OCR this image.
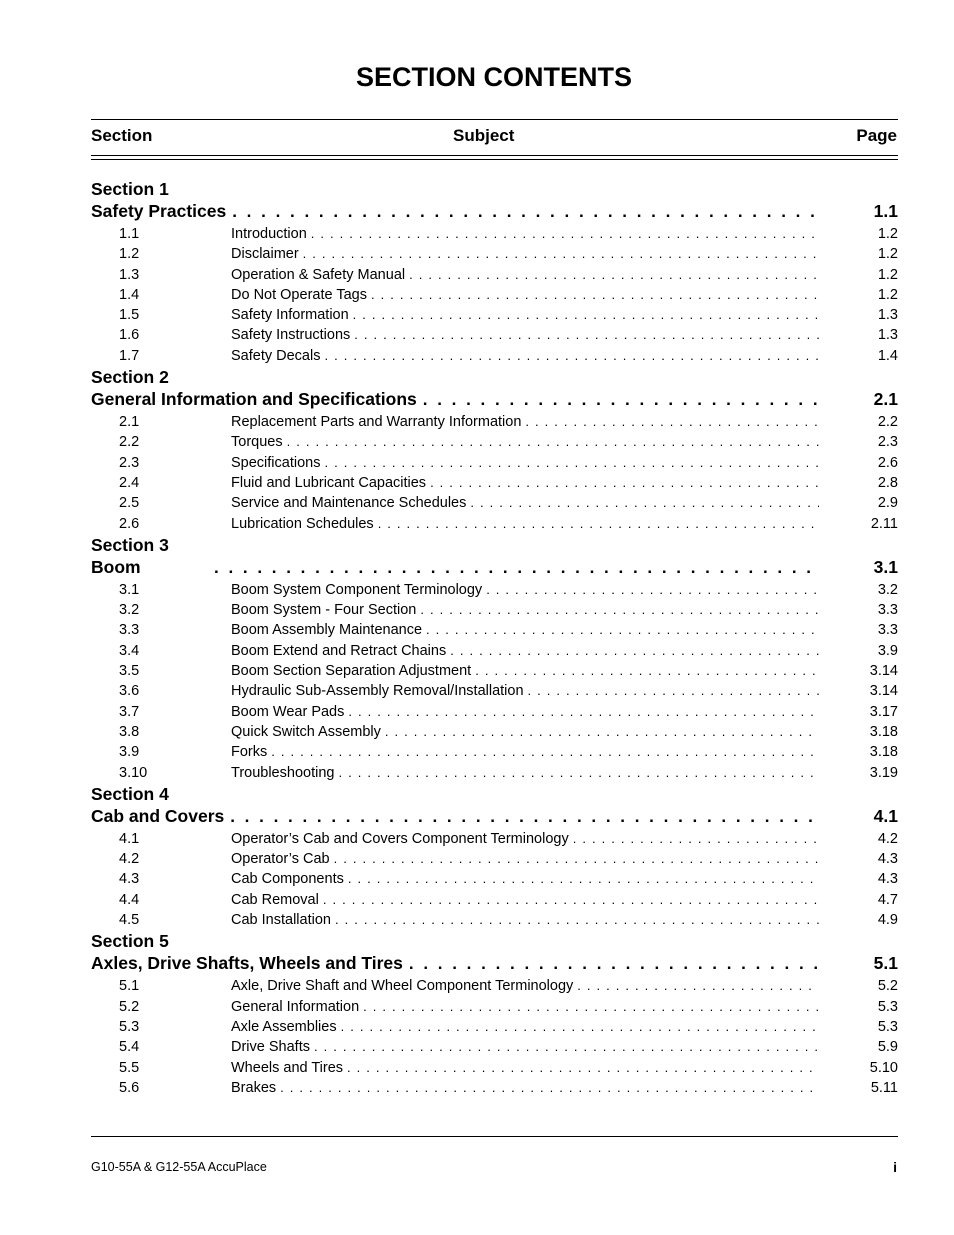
SECTION CONTENTS
Section	Subject	Page
Section 1
Safety Practices . . .	1.1
1.1	Introduction . . .	1.2
1.2	Disclaimer . . .	1.2
1.3	Operation & Safety Manual . . .	1.2
1.4	Do Not Operate Tags . . .	1.2
1.5	Safety Information . . .	1.3
1.6	Safety Instructions . . .	1.3
1.7	Safety Decals . . .	1.4
Section 2
General Information and Specifications . . .	2.1
2.1	Replacement Parts and Warranty Information . . .	2.2
2.2	Torques . . .	2.3
2.3	Specifications . . .	2.6
2.4	Fluid and Lubricant Capacities . . .	2.8
2.5	Service and Maintenance Schedules . . .	2.9
2.6	Lubrication Schedules . . .	2.11
Section 3
Boom . . .	3.1
3.1	Boom System Component Terminology . . .	3.2
3.2	Boom System - Four Section . . .	3.3
3.3	Boom Assembly Maintenance . . .	3.3
3.4	Boom Extend and Retract Chains . . .	3.9
3.5	Boom Section Separation Adjustment . . .	3.14
3.6	Hydraulic Sub-Assembly Removal/Installation . . .	3.14
3.7	Boom Wear Pads . . .	3.17
3.8	Quick Switch Assembly . . .	3.18
3.9	Forks . . .	3.18
3.10	Troubleshooting . . .	3.19
Section 4
Cab and Covers . . .	4.1
4.1	Operator’s Cab and Covers Component Terminology . . .	4.2
4.2	Operator’s Cab . . .	4.3
4.3	Cab Components . . .	4.3
4.4	Cab Removal . . .	4.7
4.5	Cab Installation . . .	4.9
Section 5
Axles, Drive Shafts, Wheels and Tires . . .	5.1
5.1	Axle, Drive Shaft and Wheel Component Terminology . . .	5.2
5.2	General Information . . .	5.3
5.3	Axle Assemblies . . .	5.3
5.4	Drive Shafts . . .	5.9
5.5	Wheels and Tires . . .	5.10
5.6	Brakes . . .	5.11
G10-55A & G12-55A AccuPlace	i
